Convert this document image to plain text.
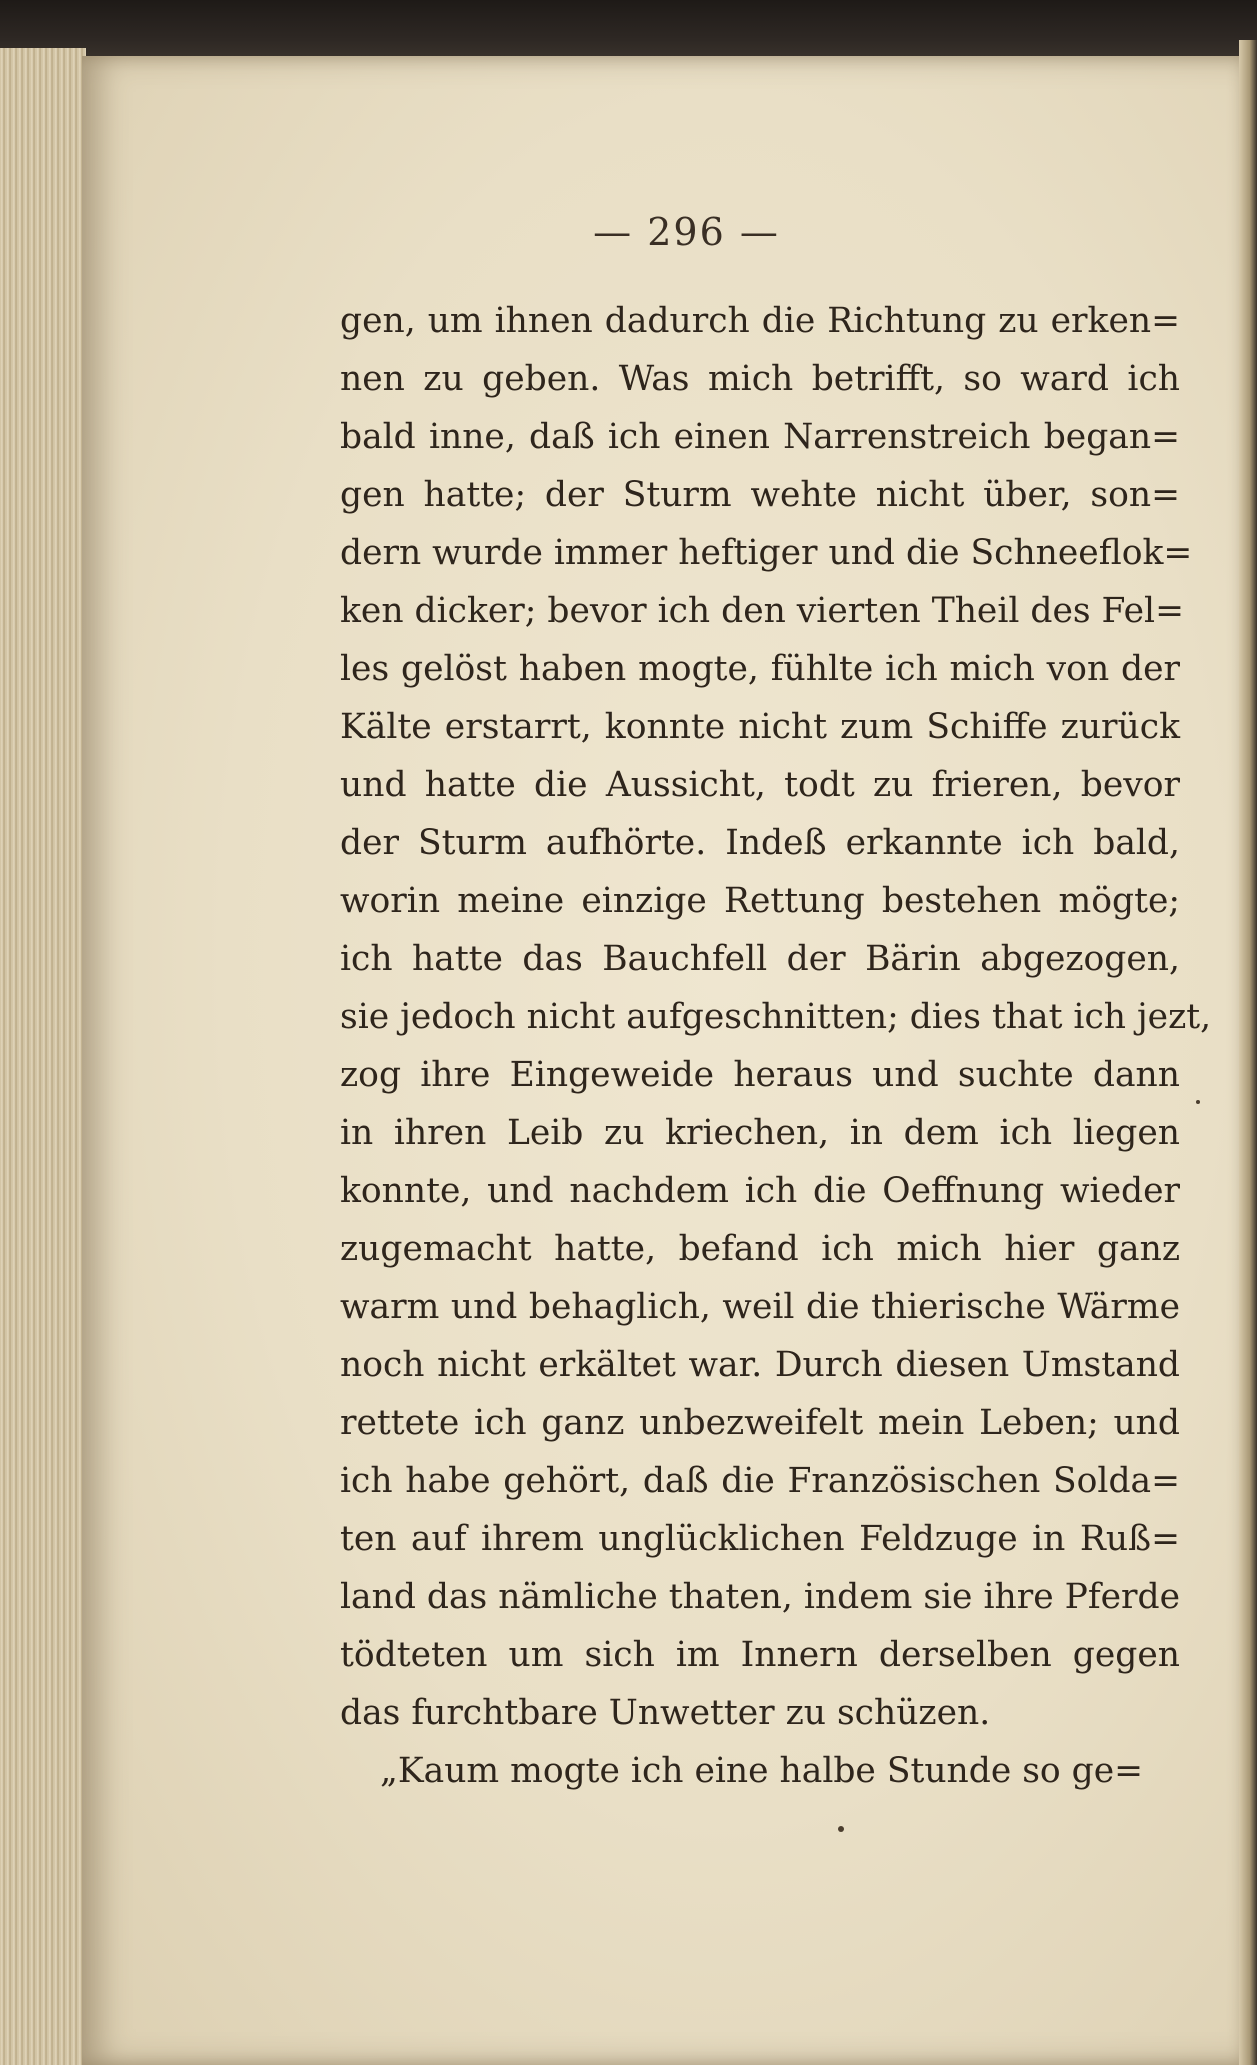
— 296 —
gen, um ihnen dadurch die Richtung zu erken=
nen zu geben. Was mich betrifft, so ward ich
bald inne, daß ich einen Narrenstreich began=
gen hatte; der Sturm wehte nicht über, son=
dern wurde immer heftiger und die Schneeflok=
ken dicker; bevor ich den vierten Theil des Fel=
les gelöst haben mogte, fühlte ich mich von der
Kälte erstarrt, konnte nicht zum Schiffe zurück
und hatte die Aussicht, todt zu frieren, bevor
der Sturm aufhörte. Indeß erkannte ich bald,
worin meine einzige Rettung bestehen mögte;
ich hatte das Bauchfell der Bärin abgezogen,
sie jedoch nicht aufgeschnitten; dies that ich jezt,
zog ihre Eingeweide heraus und suchte dann
in ihren Leib zu kriechen, in dem ich liegen
konnte, und nachdem ich die Oeffnung wieder
zugemacht hatte, befand ich mich hier ganz
warm und behaglich, weil die thierische Wärme
noch nicht erkältet war. Durch diesen Umstand
rettete ich ganz unbezweifelt mein Leben; und
ich habe gehört, daß die Französischen Solda=
ten auf ihrem unglücklichen Feldzuge in Ruß=
land das nämliche thaten, indem sie ihre Pferde
tödteten um sich im Innern derselben gegen
das furchtbare Unwetter zu schüzen.
„Kaum mogte ich eine halbe Stunde so ge=
